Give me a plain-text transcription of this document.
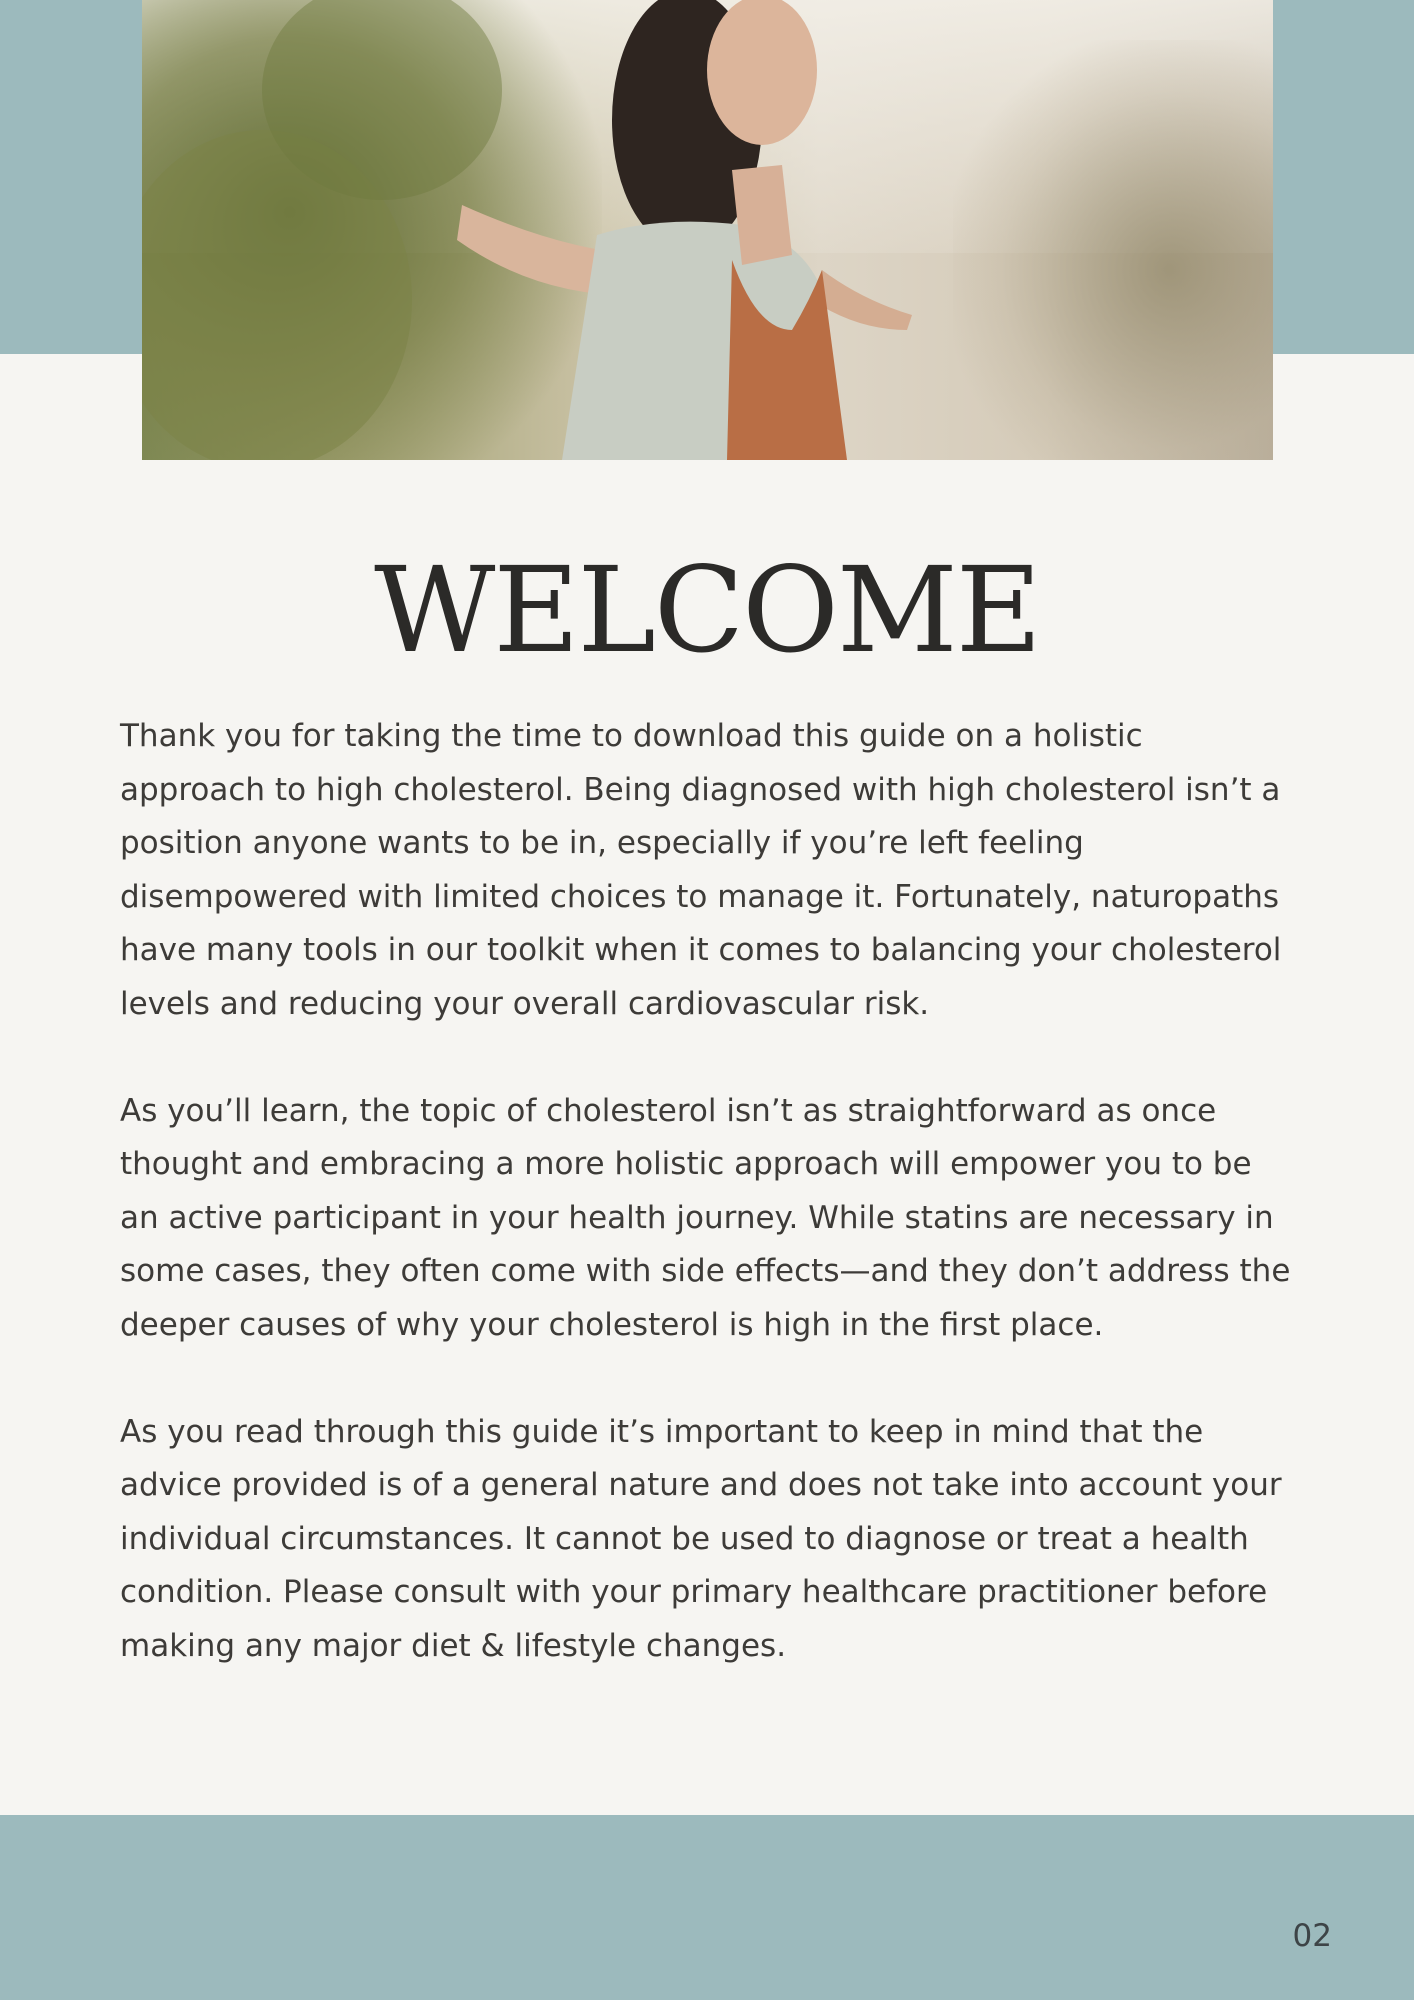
WELCOME

Thank you for taking the time to download this guide on a holistic approach to high cholesterol. Being diagnosed with high cholesterol isn’t a position anyone wants to be in, especially if you’re left feeling disempowered with limited choices to manage it. Fortunately, naturopaths have many tools in our toolkit when it comes to balancing your cholesterol levels and reducing your overall cardiovascular risk.

As you’ll learn, the topic of cholesterol isn’t as straightforward as once thought and embracing a more holistic approach will empower you to be an active participant in your health journey. While statins are necessary in some cases, they often come with side effects—and they don’t address the deeper causes of why your cholesterol is high in the first place.

As you read through this guide it’s important to keep in mind that the advice provided is of a general nature and does not take into account your individual circumstances. It cannot be used to diagnose or treat a health condition. Please consult with your primary healthcare practitioner before making any major diet & lifestyle changes.

02
